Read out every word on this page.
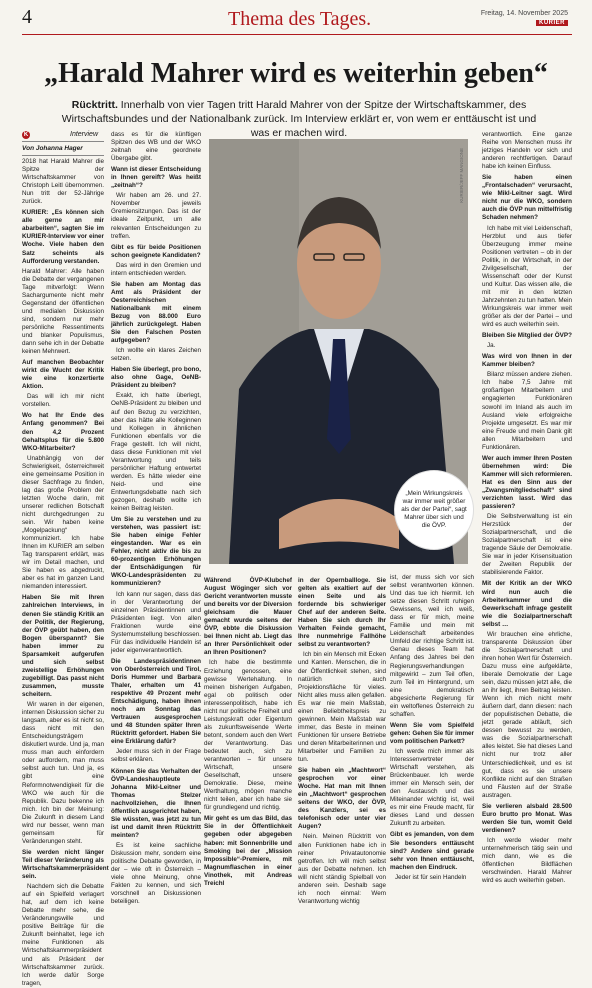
4	Thema des Tages.	Freitag, 14. November 2025
KURIER
„Harald Mahrer wird es weiterhin geben“
Rücktritt. Innerhalb von vier Tagen tritt Harald Mahrer von der Spitze der Wirtschaftskammer, des Wirtschaftsbundes und der Nationalbank zurück. Im Interview erklärt er, von wem er enttäuscht ist und was er machen wird.
K	Interview
Von Johanna Hager

2018 hat Harald Mahrer die Spitze der Wirtschaftskammer von Christoph Leitl übernommen. Nun tritt der 52-Jährige zurück.

KURIER: „Es können sich alle gerne an mir abarbeiten“, sagten Sie im KURIER-Interview vor einer Woche. Viele haben den Satz scheints als Aufforderung verstanden.

Harald Mahrer: Alle haben die Debatte der vergangenen Tage mitverfolgt: Wenn Sachargumente nicht mehr Gegenstand der öffentlichen und medialen Diskussion sind, sondern nur mehr persönliche Ressentiments und blanker Populismus, dann sehe ich in der Debatte keinen Mehrwert.

Auf manchen Beobachter wirkt die Wucht der Kritik wie eine konzertierte Aktion.

Das will ich mir nicht vorstellen.

Wo hat Ihr Ende des Anfang genommen? Bei den 4,2 Prozent Gehaltsplus für die 5.800 WKO-Mitarbeiter?

Unabhängig von der Schwierigkeit, österreichweit eine gemeinsame Position in dieser Sachfrage zu finden, lag das große Problem der letzten Woche darin, mit unserer redlichen Botschaft nicht durchgedrungen zu sein. Wir haben keine „Mogelpackung“ kommuniziert. Ich habe Ihnen im KURIER am selben Tag transparent erklärt, was wir im Detail machen, und Sie haben es abgedruckt, aber es hat im ganzen Land niemanden interessiert.

Haben Sie mit Ihren zahlreichen Interviews, in denen Sie ständig Kritik an der Politik, der Regierung, der ÖVP geübt haben, den Bogen überspannt? Sie haben immer zu Sparsamkeit aufgerufen und sich selbst zweistellige Erhöhungen zugebilligt. Das passt nicht zusammen, musste scheitern.

Wir waren in der eigenen, internen Diskussion sicher zu langsam, aber es ist nicht so, dass nicht mit den Entscheidungsträgern diskutiert wurde. Und ja, man muss man auch einfordern oder auffordern, man muss selbst auch tun. Und ja, es gibt eine Reformnotwendigkeit für die WKO wie auch für die Republik. Dazu bekenne ich mich. Ich bin der Meinung: Die Zukunft in diesem Land wird nur besser, wenn man gemeinsam für Veränderungen steht.

Sie werden nicht länger Teil dieser Veränderung als Wirtschaftskammerpräsident sein.

Nachdem sich die Debatte auf ein Spielfeld verlagert hat, auf dem ich keine Debatte mehr sehe, die Veränderungswille und positive Beiträge für die Zukunft beinhaltet, lege ich meine Funktionen als Wirtschaftskammerpräsident und als Präsident der Wirtschaftskammer zurück. Ich werde dafür Sorge tragen,

dass es für die künftigen Spitzen des WB und der WKO zeitnah eine geordnete Übergabe gibt.

Wann ist dieser Entscheidung in Ihnen gereift? Was heißt „zeitnah“?

Wir haben am 26. und 27. November jeweils Gremiensitzungen. Das ist der ideale Zeitpunkt, um alle relevanten Entscheidungen zu treffen.

Gibt es für beide Positionen schon geeignete Kandidaten?

Das wird in den Gremien und intern entschieden werden.

Sie haben am Montag das Amt als Präsident der Oesterreichischen Nationalbank mit einem Bezug von 88.000 Euro jährlich zurückgelegt. Haben Sie den Falschen Posten aufgegeben?

Ich wollte ein klares Zeichen setzen.

Haben Sie überlegt, pro bono, also ohne Gage, OeNB-Präsident zu bleiben?

Exakt, ich hatte überlegt, OeNB-Präsident zu bleiben und auf den Bezug zu verzichten, aber das hätte alle Kolleginnen und Kollegen in ähnlichen Funktionen ebenfalls vor die Frage gestellt. Ich will nicht, dass diese Funktionen mit viel Verantwortung und teils persönlicher Haftung entwertet werden. Es hätte wieder eine Neid- und eine Entwertungsdebatte nach sich gezogen, deshalb wollte ich keinen Beitrag leisten.

Um Sie zu verstehen und zu verstehen, was passiert ist: Sie haben einige Fehler eingestanden. War es ein Fehler, nicht aktiv die bis zu 60-prozentigen Erhöhungen der Entschädigungen für WKO-Landespräsidenten zu kommunizieren?

Ich kann nur sagen, dass das in der Verantwortung der einzelnen Präsidentinnen und Präsidenten liegt. Von allen Fraktionen wurde eine Systemumstellung beschlossen. Für das individuelle Handeln ist jeder eigenverantwortlich.

Die Landespräsidentinnen von Oberösterreich und Tirol, Doris Hummer und Barbara Thaler, erhalten um 41 respektive 49 Prozent mehr Entschädigung, haben ihnen noch am Sonntag das Vertrauen ausgesprochen und 48 Stunden später Ihren Rücktritt gefordert. Haben Sie eine Erklärung dafür?

Jeder muss sich in der Frage selbst erklären.

Können Sie das Verhalten der ÖVP-Landeshauptleute Johanna Mikl-Leitner und Thomas Stelzer nachvollziehen, die Ihnen öffentlich ausgerichtet haben, Sie wüssten, was jetzt zu tun ist und damit Ihren Rücktritt meinten?

Es ist keine sachliche Diskussion mehr, sondern eine politische Debatte geworden, in der – wie oft in Österreich – viele ohne Meinung, ohne Fakten zu kennen, und sich vorschnell an Diskussionen beteiligen.

Während ÖVP-Klubchef August Wöginger sich vor Gericht verantworten musste und bereits vor der Diversion gleichsam die Mauer gemacht wurde seitens der ÖVP, ebbte die Diskussion bei Ihnen nicht ab. Liegt das an Ihrer Persönlichkeit oder an Ihren Positionen?

Ich habe die bestimmte Erziehung genossen, eine gewisse Wertehaltung. In meinen bisherigen Aufgaben, egal ob politisch oder interessenpolitisch, habe ich nicht nur politische Freiheit und Leistungskraft oder Eigentum als zukunftsweisende Werte betont, sondern auch den Wert der Verantwortung. Das bedeutet auch, sich zu verantworten – für unsere Wirtschaft, unsere Gesellschaft, unsere Demokratie. Diese, meine Werthaltung, mögen manche nicht teilen, aber ich habe sie für grundlegend und richtig.

Mir geht es um das Bild, das Sie in der Öffentlichkeit gegeben oder abgegeben haben: mit Sonnenbrille und Smoking bei der „Mission Impossible“-Premiere, mit Magnumflaschen in einer Vinothek, mit Andreas Treichl

in der Opernballloge. Sie gelten als exaltiert auf der einen Seite und als fordernde bis schwieriger Chef auf der anderen Seite. Haben Sie sich durch Ihr Verhalten Feinde gemacht, Ihre nunmehrige Fallhöhe selbst zu verantworten?

Ich bin ein Mensch mit Ecken und Kanten. Menschen, die in der Öffentlichkeit stehen, sind natürlich auch Projektionsfläche für vieles. Nicht alles muss allen gefallen. Es war nie mein Maßstab, einen Beliebtheitspreis zu gewinnen. Mein Maßstab war immer, das Beste in meinen Funktionen für unsere Betriebe und deren Mitarbeiterinnen und Mitarbeiter und Familien zu tun.

Sie haben ein „Machtwort“ gesprochen vor einer Woche. Hat man mit Ihnen ein „Machtwort“ gesprochen seitens der WKO, der ÖVP, des Kanzlers, sei es telefonisch oder unter vier Augen?

Nein. Meinen Rücktritt von allen Funktionen habe ich in reiner Privatautonomie getroffen. Ich will mich selbst aus der Debatte nehmen. Ich will nicht ständig Spielball von anderen sein. Deshalb sage ich noch einmal: Wem Verantwortung wichtig

ist, der muss sich vor sich selbst verantworten können. Und das tue ich hiermit. Ich setze diesen Schritt ruhigen Gewissens, weil ich weiß, dass er für mich, meine Familie und mein mit Leidenschaft arbeitendes Umfeld der richtige Schritt ist. Genau dieses Team hat Anfang des Jahres bei den Regierungsverhandlungen mitgewirkt – zum Teil offen, zum Teil im Hintergrund, um eine demokratisch abgesicherte Regierung für ein weltoffenes Österreich zu schaffen.

Wenn Sie vom Spielfeld gehen: Gehen Sie für immer vom politischen Parkett?

Ich werde mich immer als Interessenvertreter der Wirtschaft verstehen, als Brückenbauer. Ich werde immer ein Mensch sein, der den Austausch und das Miteinander wichtig ist, weil es mir eine Freude macht, für dieses Land und dessen Zukunft zu arbeiten.

Gibt es jemanden, von dem Sie besonders enttäuscht sind? Andere sind gerade sehr von Ihnen enttäuscht, machen den Eindruck.

Jeder ist für sein Handeln

verantwortlich. Eine ganze Reihe von Menschen muss ihr jetziges Handeln vor sich und anderen rechtfertigen. Darauf habe ich keinen Einfluss.

Sie haben einen „Frontalschaden“ verursacht, wie Mikl-Leitner sagt. Wird nicht nur die WKO, sondern auch die ÖVP nun mittelfristig Schaden nehmen?

Ich habe mit viel Leidenschaft, Herzblut und aus tiefer Überzeugung immer meine Positionen vertreten – ob in der Politik, in der Wirtschaft, in der Zivilgesellschaft, der Wissenschaft oder der Kunst und Kultur. Das wissen alle, die mit mir in den letzten Jahrzehnten zu tun hatten. Mein Wirkungskreis war immer weit größer als der der Partei – und wird es auch weiterhin sein.

Bleiben Sie Mitglied der ÖVP?

Ja.

Was wird von Ihnen in der Kammer bleiben?

Bilanz müssen andere ziehen. Ich habe 7,5 Jahre mit großartigen Mitarbeitern und engagierten Funktionären sowohl im Inland als auch im Ausland viele erfolgreiche Projekte umgesetzt. Es war mir eine Freude und mein Dank gilt allen Mitarbeitern und Funktionären.

Wer auch immer Ihren Posten übernehmen wird: Die Kammer will sich reformieren. Hat es den Sinn aus der „Zwangsmitgliedschaft“ sind verzichten lasst. Wird das passieren?

Die Selbstverwaltung ist ein Herzstück der Sozialpartnerschaft, und die Sozialpartnerschaft ist eine tragende Säule der Demokratie. Sie war in jeder Krisensituation der Zweiten Republik der stabilisierende Faktor.

Mit der Kritik an der WKO wird nun auch die Arbeiterkammer und die Gewerkschaft infrage gestellt wie die Sozialpartnerschaft selbst …

Wir brauchen eine ehrliche, transparente Diskussion über die Sozialpartnerschaft und ihren hohen Wert für Österreich. Dazu muss eine aufgeklärte, liberale Demokratie der Lage sein, dazu müssen jetzt alle, die an ihr liegt, ihren Beitrag leisten. Wenn ich mich nicht mehr äußern darf, dann diesen: nach der populistischen Debatte, die jetzt gerade abläuft, sich dessen bewusst zu werden, was die Sozialpartnerschaft alles leistet. Sie hat dieses Land nicht nur trotz aller Unterschiedlichkeit, und es ist gut, dass es sie unsere Konflikte nicht auf den Straßen und Fäusten auf der Straße austragen.

Sie verlieren alsbald 28.500 Euro brutto pro Monat. Was werden Sie tun, womit Geld verdienen?

Ich werde wieder mehr unternehmerisch tätig sein und mich dann, wie es die öffentlichen Bildflächen verschwinden. Harald Mahrer wird es auch weiterhin geben.

KURIER/JEFF MANGIONE
„Mein Wirkungskreis war immer weit größer als der der Partei“, sagt Mahrer über sich und die ÖVP.
